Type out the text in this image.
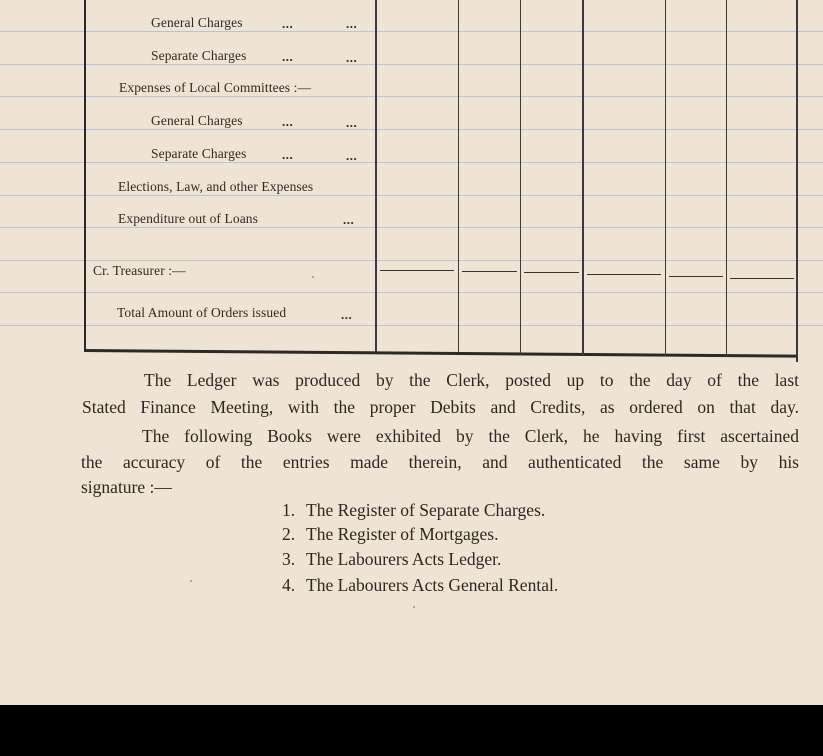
General Charges	...	...
Separate Charges	...	...
Expenses of Local Committees :—
General Charges	...	...
Separate Charges	...	...
Elections, Law, and other Expenses
Expenditure out of Loans	...
Cr. Treasurer :—
Total Amount of Orders issued	...
The Ledger was produced by the Clerk, posted up to the day of the last
Stated Finance Meeting, with the proper Debits and Credits, as ordered on that day.
The following Books were exhibited by the Clerk, he having first ascertained
the accuracy of the entries made therein, and authenticated the same by his
signature :—
1. The Register of Separate Charges.
2. The Register of Mortgages.
3. The Labourers Acts Ledger.
4. The Labourers Acts General Rental.
